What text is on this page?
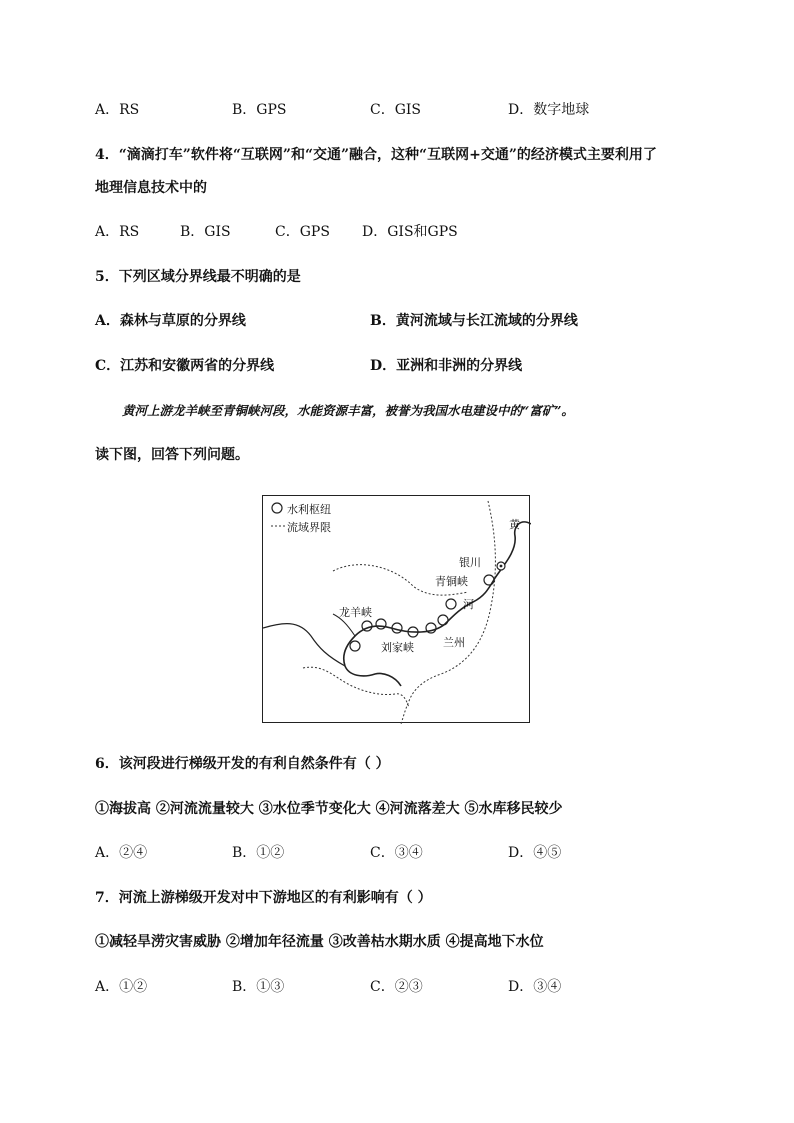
A．RS	B．GPS	C．GIS	D．数字地球
4．“滴滴打车”软件将“互联网”和“交通”融合，这种“互联网+交通”的经济模式主要利用了
地理信息技术中的
A．RS	B．GIS	C．GPS D．GIS和GPS
5．下列区域分界线最不明确的是
A．森林与草原的分界线	B．黄河流域与长江流域的分界线
C．江苏和安徽两省的分界线	D．亚洲和非洲的分界线
黄河上游龙羊峡至青铜峡河段，水能资源丰富，被誉为我国水电建设中的“富矿”。
读下图，回答下列问题。
水利枢纽
流域界限	黄
银川
青铜峡
河
龙羊峡
兰州
刘家峡
6．该河段进行梯级开发的有利自然条件有（ ）
①海拔高 ②河流流量较大 ③水位季节变化大 ④河流落差大 ⑤水库移民较少
A．②④	B．①②	C．③④	D．④⑤
7．河流上游梯级开发对中下游地区的有利影响有（ ）
①减轻旱涝灾害威胁 ②增加年径流量 ③改善枯水期水质 ④提高地下水位
A．①②	B．①③	C．②③	D．③④
